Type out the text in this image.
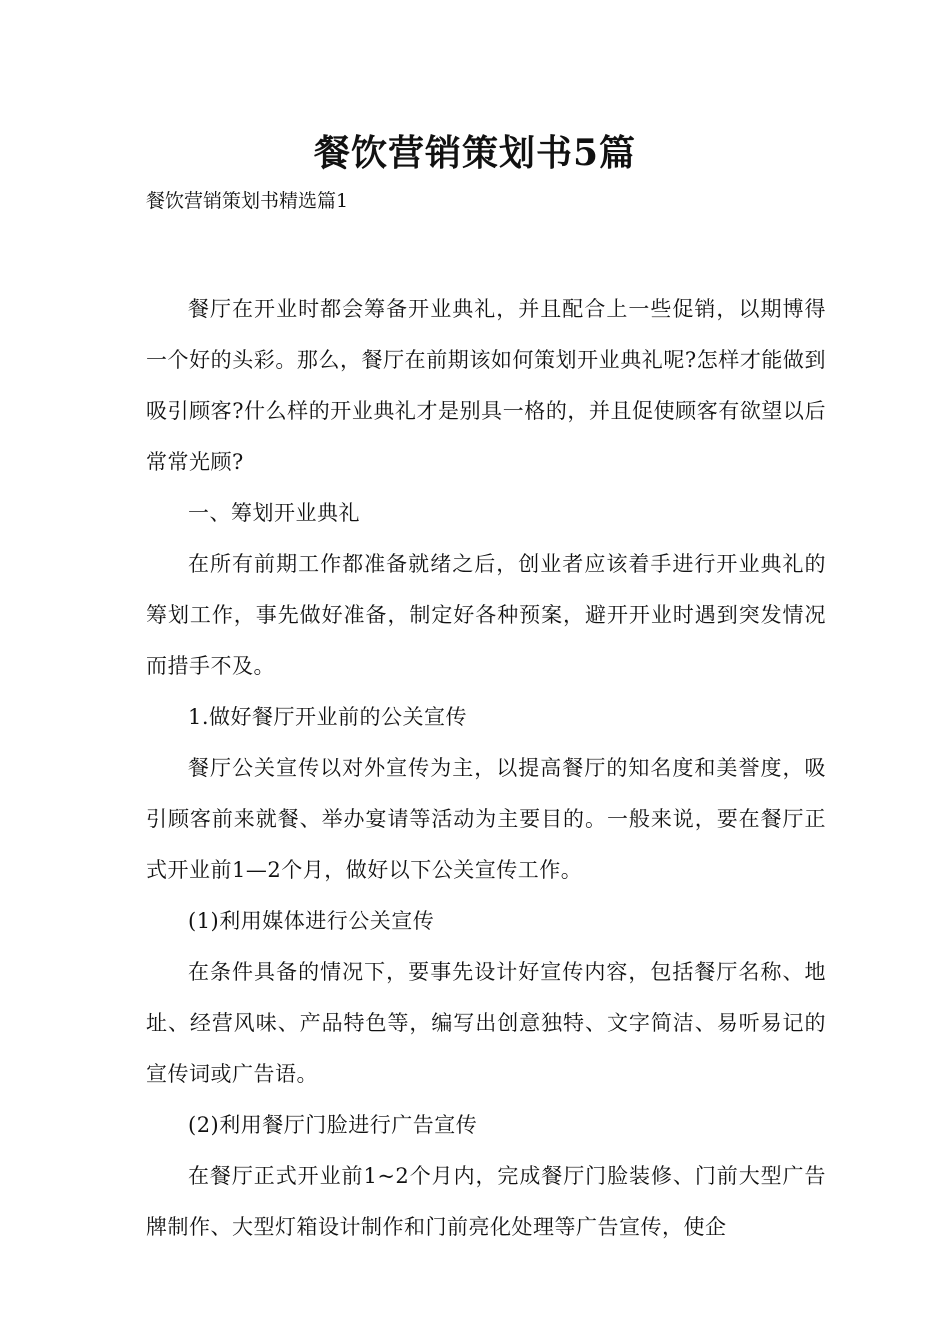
餐饮营销策划书5篇
餐饮营销策划书精选篇1

餐厅在开业时都会筹备开业典礼，并且配合上一些促销，以期博得一个好的头彩。那么，餐厅在前期该如何策划开业典礼呢?怎样才能做到吸引顾客?什么样的开业典礼才是别具一格的，并且促使顾客有欲望以后常常光顾?

一、筹划开业典礼

在所有前期工作都准备就绪之后，创业者应该着手进行开业典礼的筹划工作，事先做好准备，制定好各种预案，避开开业时遇到突发情况而措手不及。

1.做好餐厅开业前的公关宣传

餐厅公关宣传以对外宣传为主，以提高餐厅的知名度和美誉度，吸引顾客前来就餐、举办宴请等活动为主要目的。一般来说，要在餐厅正式开业前1—2个月，做好以下公关宣传工作。

(1)利用媒体进行公关宣传

在条件具备的情况下，要事先设计好宣传内容，包括餐厅名称、地址、经营风味、产品特色等，编写出创意独特、文字简洁、易听易记的宣传词或广告语。

(2)利用餐厅门脸进行广告宣传

在餐厅正式开业前1~2个月内，完成餐厅门脸装修、门前大型广告牌制作、大型灯箱设计制作和门前亮化处理等广告宣传，使企
